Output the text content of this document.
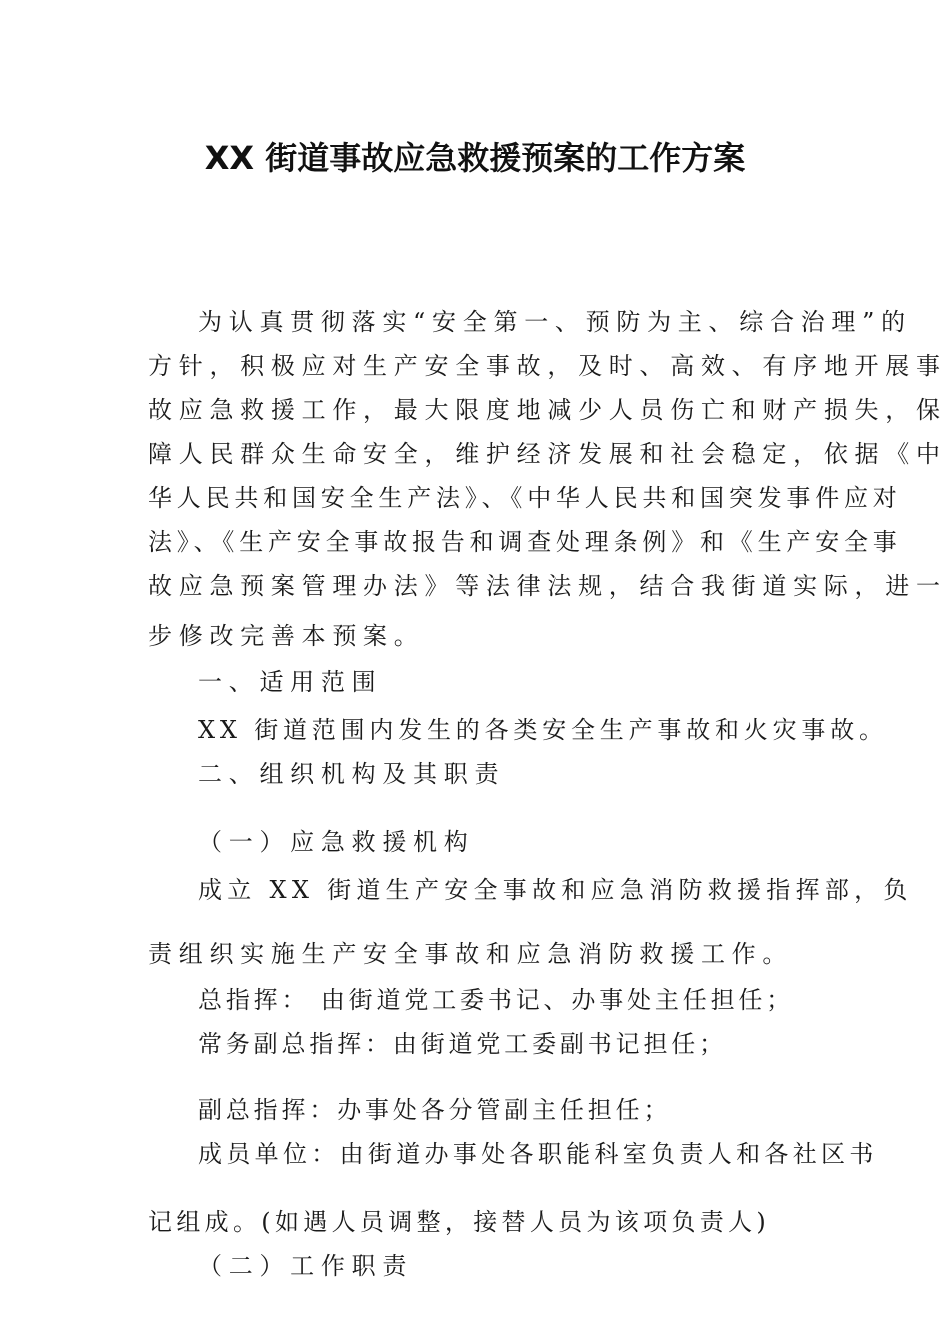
XX 街道事故应急救援预案的工作方案

为认真贯彻落实“安全第一、预防为主、综合治理”的

方针，积极应对生产安全事故，及时、高效、有序地开展事

故应急救援工作，最大限度地减少人员伤亡和财产损失，保

障人民群众生命安全，维护经济发展和社会稳定，依据《中

华人民共和国安全生产法》、《中华人民共和国突发事件应对

法》、《生产安全事故报告和调查处理条例》和《生产安全事

故应急预案管理办法》等法律法规，结合我街道实际，进一

步修改完善本预案。

一、适用范围

XX 街道范围内发生的各类安全生产事故和火灾事故。

二、组织机构及其职责

（一）应急救援机构

成立 XX 街道生产安全事故和应急消防救援指挥部，负

责组织实施生产安全事故和应急消防救援工作。

总指挥： 由街道党工委书记、办事处主任担任；

常务副总指挥：由街道党工委副书记担任；

副总指挥：办事处各分管副主任担任；

成员单位：由街道办事处各职能科室负责人和各社区书

记组成。(如遇人员调整，接替人员为该项负责人)

（二）工作职责
